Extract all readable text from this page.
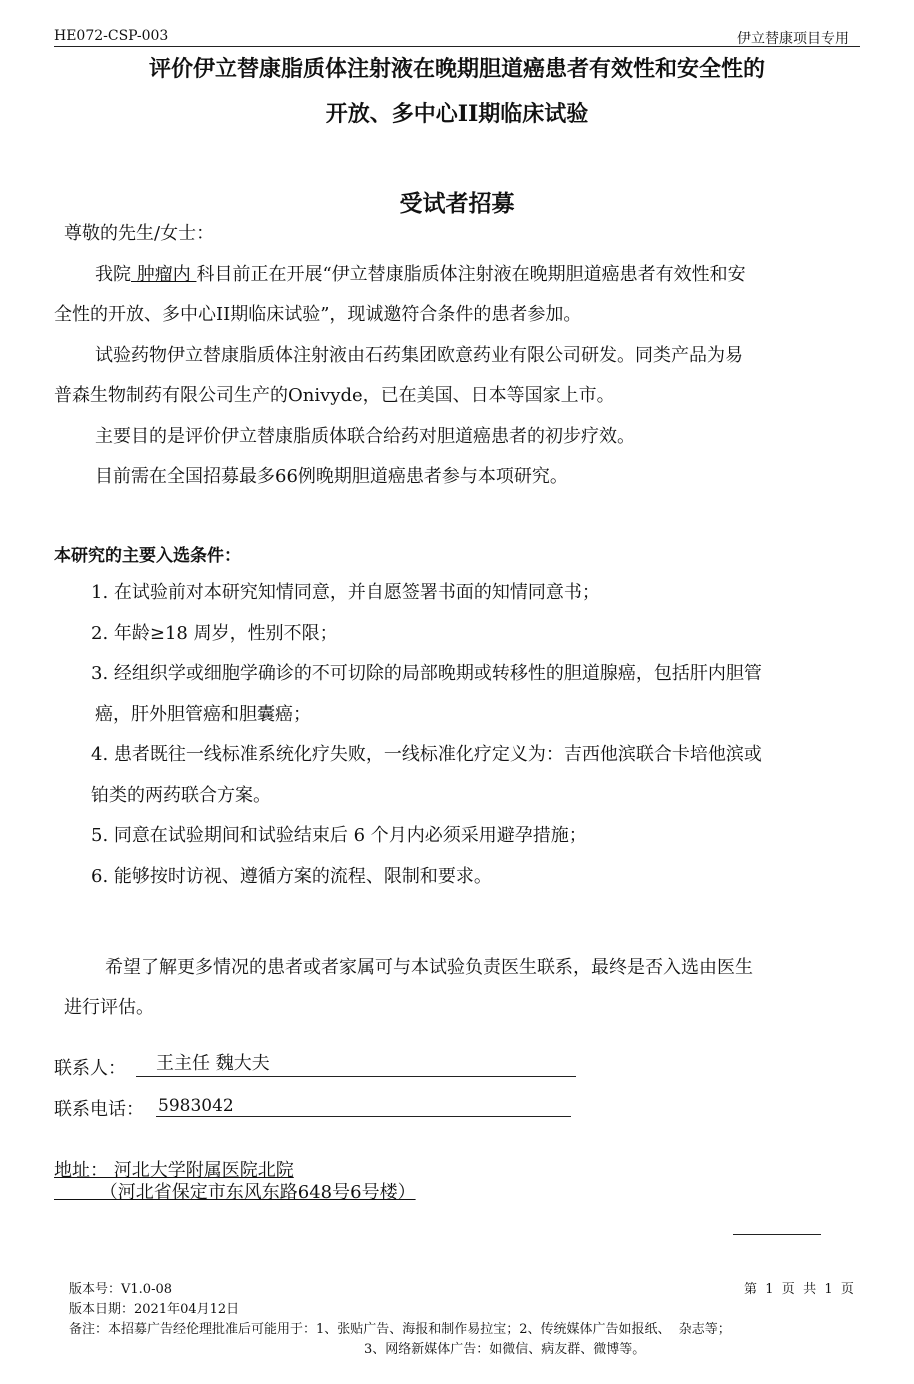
HE072-CSP-003	伊立替康项目专用
评价伊立替康脂质体注射液在晚期胆道癌患者有效性和安全性的
开放、多中心II期临床试验
受试者招募
尊敬的先生/女士：
我院 肿瘤内 科目前正在开展“伊立替康脂质体注射液在晚期胆道癌患者有效性和安
全性的开放、多中心II期临床试验”，现诚邀符合条件的患者参加。
试验药物伊立替康脂质体注射液由石药集团欧意药业有限公司研发。同类产品为易
普森生物制药有限公司生产的Onivyde，已在美国、日本等国家上市。
主要目的是评价伊立替康脂质体联合给药对胆道癌患者的初步疗效。
目前需在全国招募最多66例晚期胆道癌患者参与本项研究。
本研究的主要入选条件：
1. 在试验前对本研究知情同意，并自愿签署书面的知情同意书；
2. 年龄≥18 周岁，性别不限；
3. 经组织学或细胞学确诊的不可切除的局部晚期或转移性的胆道腺癌，包括肝内胆管
癌，肝外胆管癌和胆囊癌；
4. 患者既往一线标准系统化疗失败，一线标准化疗定义为：吉西他滨联合卡培他滨或
铂类的两药联合方案。
5. 同意在试验期间和试验结束后 6 个月内必须采用避孕措施；
6. 能够按时访视、遵循方案的流程、限制和要求。
希望了解更多情况的患者或者家属可与本试验负责医生联系，最终是否入选由医生
进行评估。
联系人： 王主任 魏大夫
联系电话： 5983042
地址： 河北大学附属医院北院
（河北省保定市东风东路648号6号楼）
版本号：V1.0-08
版本日期：2021年04月12日
第  1  页  共  1  页
备注：本招募广告经伦理批准后可能用于：1、张贴广告、海报和制作易拉宝；2、传统媒体广告如报纸、  杂志等；
3、网络新媒体广告：如微信、病友群、微博等。
